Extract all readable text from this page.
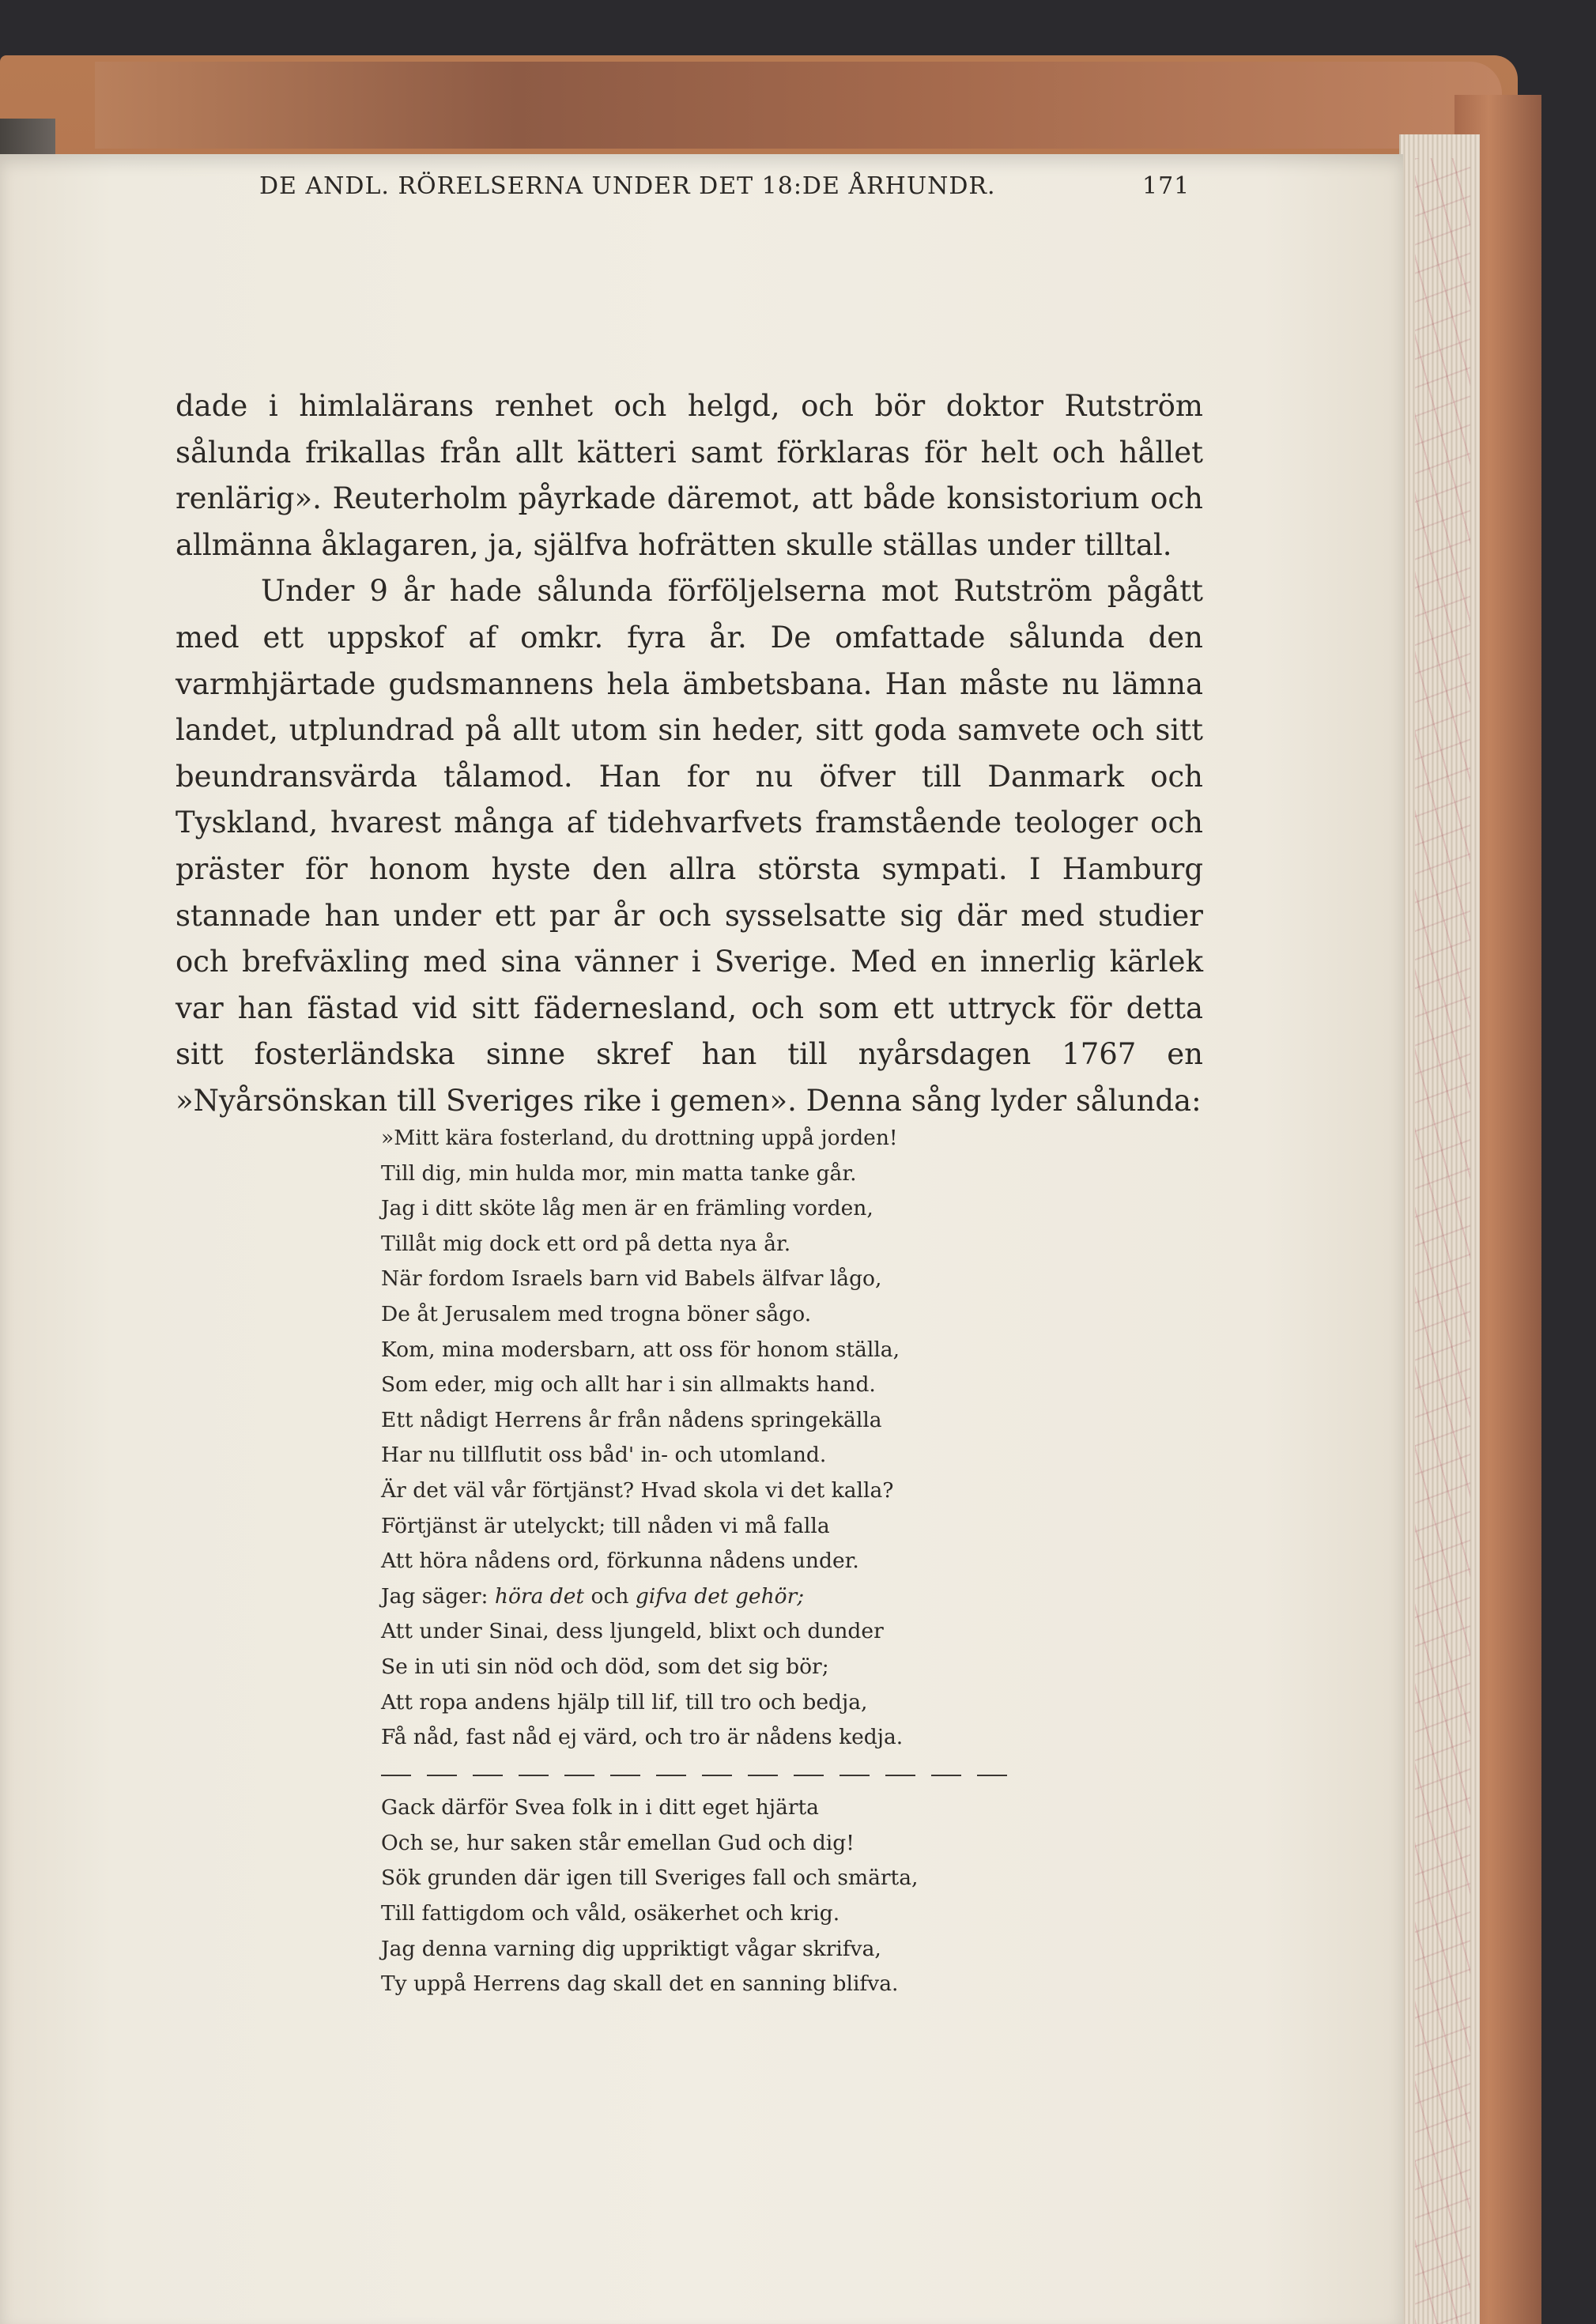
DE ANDL. RÖRELSERNA UNDER DET 18:DE ÅRHUNDR.	171

dade i himlalärans renhet och helgd, och bör doktor Rutström sålunda frikallas från allt kätteri samt förklaras för helt och hållet renlärig». Reuterholm påyrkade däremot, att både konsistorium och allmänna åklagaren, ja, själfva hofrätten skulle ställas under tilltal.

Under 9 år hade sålunda förföljelserna mot Rutström pågått med ett uppskof af omkr. fyra år. De omfattade sålunda den varmhjärtade gudsmannens hela ämbetsbana. Han måste nu lämna landet, utplundrad på allt utom sin heder, sitt goda samvete och sitt beundransvärda tålamod. Han for nu öfver till Danmark och Tyskland, hvarest många af tidehvarfvets framstående teologer och präster för honom hyste den allra största sympati. I Hamburg stannade han under ett par år och sysselsatte sig där med studier och brefväxling med sina vänner i Sverige. Med en innerlig kärlek var han fästad vid sitt fädernesland, och som ett uttryck för detta sitt fosterländska sinne skref han till nyårsdagen 1767 en »Nyårsönskan till Sveriges rike i gemen». Denna sång lyder sålunda:

»Mitt kära fosterland, du drottning uppå jorden!
Till dig, min hulda mor, min matta tanke går.
Jag i ditt sköte låg men är en främling vorden,
Tillåt mig dock ett ord på detta nya år.
När fordom Israels barn vid Babels älfvar lågo,
De åt Jerusalem med trogna böner sågo.
Kom, mina modersbarn, att oss för honom ställa,
Som eder, mig och allt har i sin allmakts hand.
Ett nådigt Herrens år från nådens springekälla
Har nu tillflutit oss båd' in- och utomland.
Är det väl vår förtjänst? Hvad skola vi det kalla?
Förtjänst är utelyckt; till nåden vi må falla
Att höra nådens ord, förkunna nådens under.
Jag säger: höra det och gifva det gehör;
Att under Sinai, dess ljungeld, blixt och dunder
Se in uti sin nöd och död, som det sig bör;
Att ropa andens hjälp till lif, till tro och bedja,
Få nåd, fast nåd ej värd, och tro är nådens kedja.
Gack därför Svea folk in i ditt eget hjärta
Och se, hur saken står emellan Gud och dig!
Sök grunden där igen till Sveriges fall och smärta,
Till fattigdom och våld, osäkerhet och krig.
Jag denna varning dig uppriktigt vågar skrifva,
Ty uppå Herrens dag skall det en sanning blifva.
